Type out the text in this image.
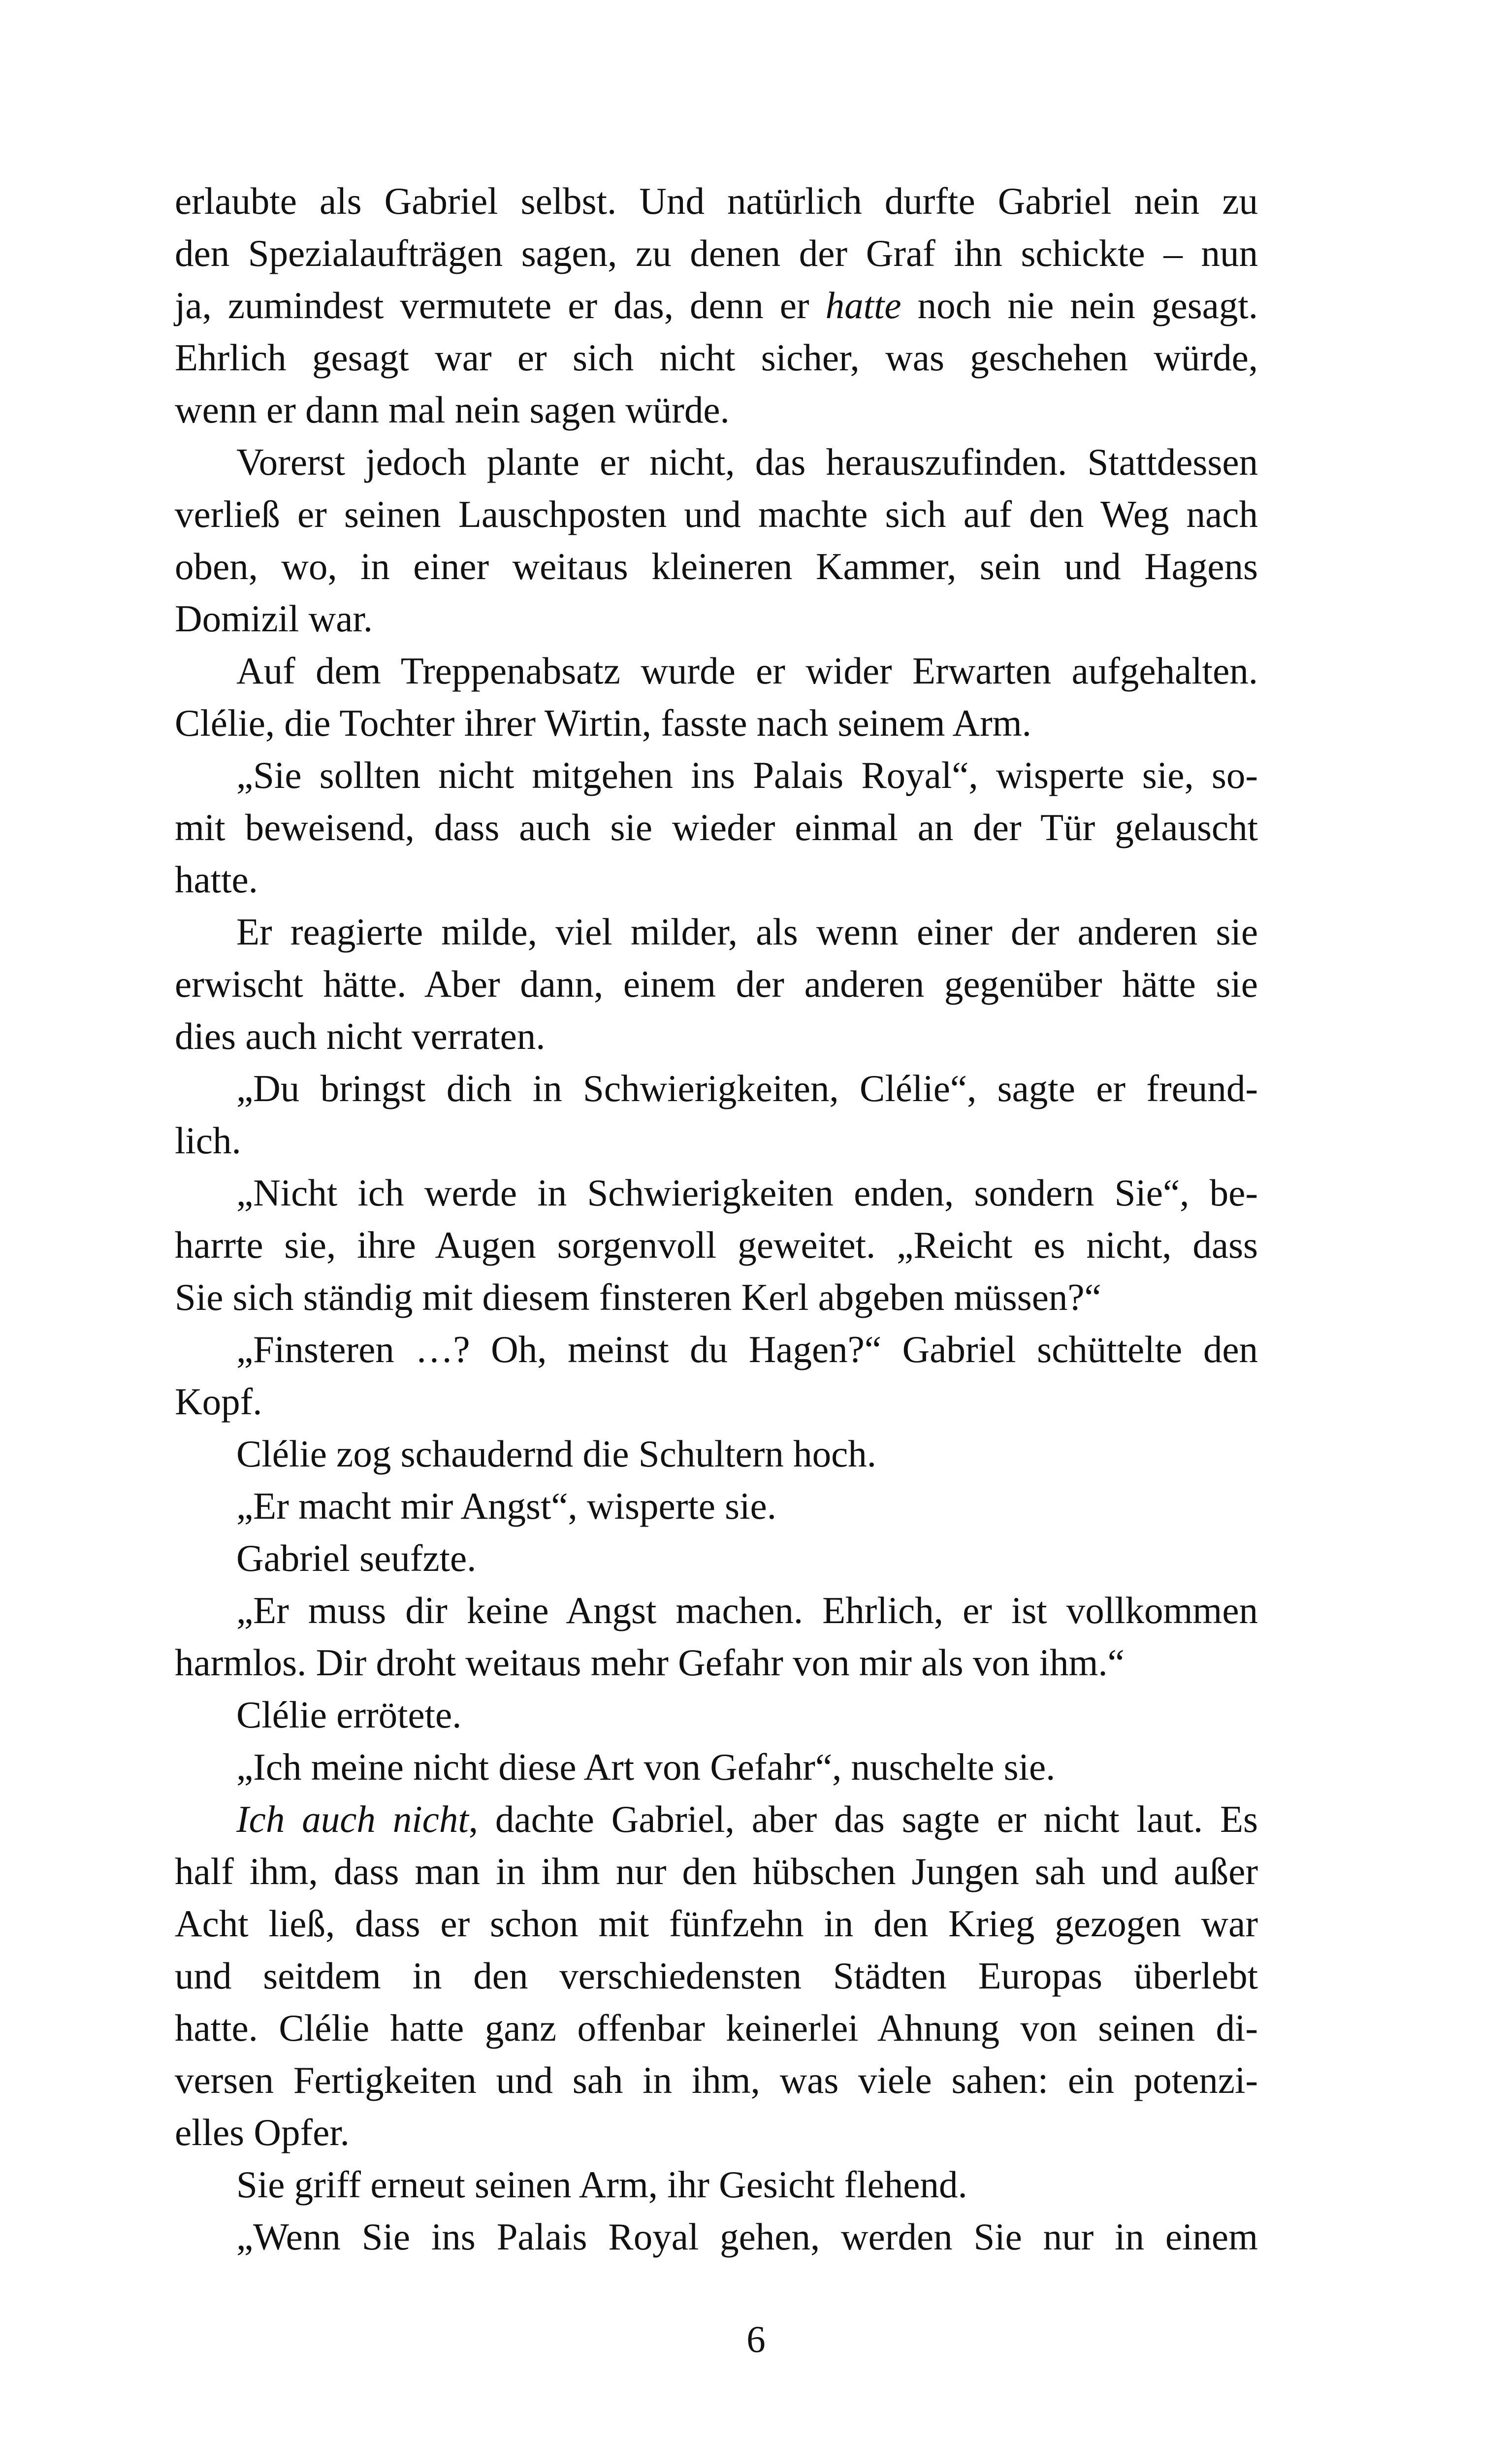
erlaubte als Gabriel selbst. Und natürlich durfte Gabriel nein zu
den Spezialaufträgen sagen, zu denen der Graf ihn schickte – nun
ja, zumindest vermutete er das, denn er hatte noch nie nein gesagt.
Ehrlich gesagt war er sich nicht sicher, was geschehen würde,
wenn er dann mal nein sagen würde.
Vorerst jedoch plante er nicht, das herauszufinden. Stattdessen
verließ er seinen Lauschposten und machte sich auf den Weg nach
oben, wo, in einer weitaus kleineren Kammer, sein und Hagens
Domizil war.
Auf dem Treppenabsatz wurde er wider Erwarten aufgehalten.
Clélie, die Tochter ihrer Wirtin, fasste nach seinem Arm.
„Sie sollten nicht mitgehen ins Palais Royal“, wisperte sie, so-
mit beweisend, dass auch sie wieder einmal an der Tür gelauscht
hatte.
Er reagierte milde, viel milder, als wenn einer der anderen sie
erwischt hätte. Aber dann, einem der anderen gegenüber hätte sie
dies auch nicht verraten.
„Du bringst dich in Schwierigkeiten, Clélie“, sagte er freund-
lich.
„Nicht ich werde in Schwierigkeiten enden, sondern Sie“, be-
harrte sie, ihre Augen sorgenvoll geweitet. „Reicht es nicht, dass
Sie sich ständig mit diesem finsteren Kerl abgeben müssen?“
„Finsteren …? Oh, meinst du Hagen?“ Gabriel schüttelte den
Kopf.
Clélie zog schaudernd die Schultern hoch.
„Er macht mir Angst“, wisperte sie.
Gabriel seufzte.
„Er muss dir keine Angst machen. Ehrlich, er ist vollkommen
harmlos. Dir droht weitaus mehr Gefahr von mir als von ihm.“
Clélie errötete.
„Ich meine nicht diese Art von Gefahr“, nuschelte sie.
Ich auch nicht, dachte Gabriel, aber das sagte er nicht laut. Es
half ihm, dass man in ihm nur den hübschen Jungen sah und außer
Acht ließ, dass er schon mit fünfzehn in den Krieg gezogen war
und seitdem in den verschiedensten Städten Europas überlebt
hatte. Clélie hatte ganz offenbar keinerlei Ahnung von seinen di-
versen Fertigkeiten und sah in ihm, was viele sahen: ein potenzi-
elles Opfer.
Sie griff erneut seinen Arm, ihr Gesicht flehend.
„Wenn Sie ins Palais Royal gehen, werden Sie nur in einem
6
